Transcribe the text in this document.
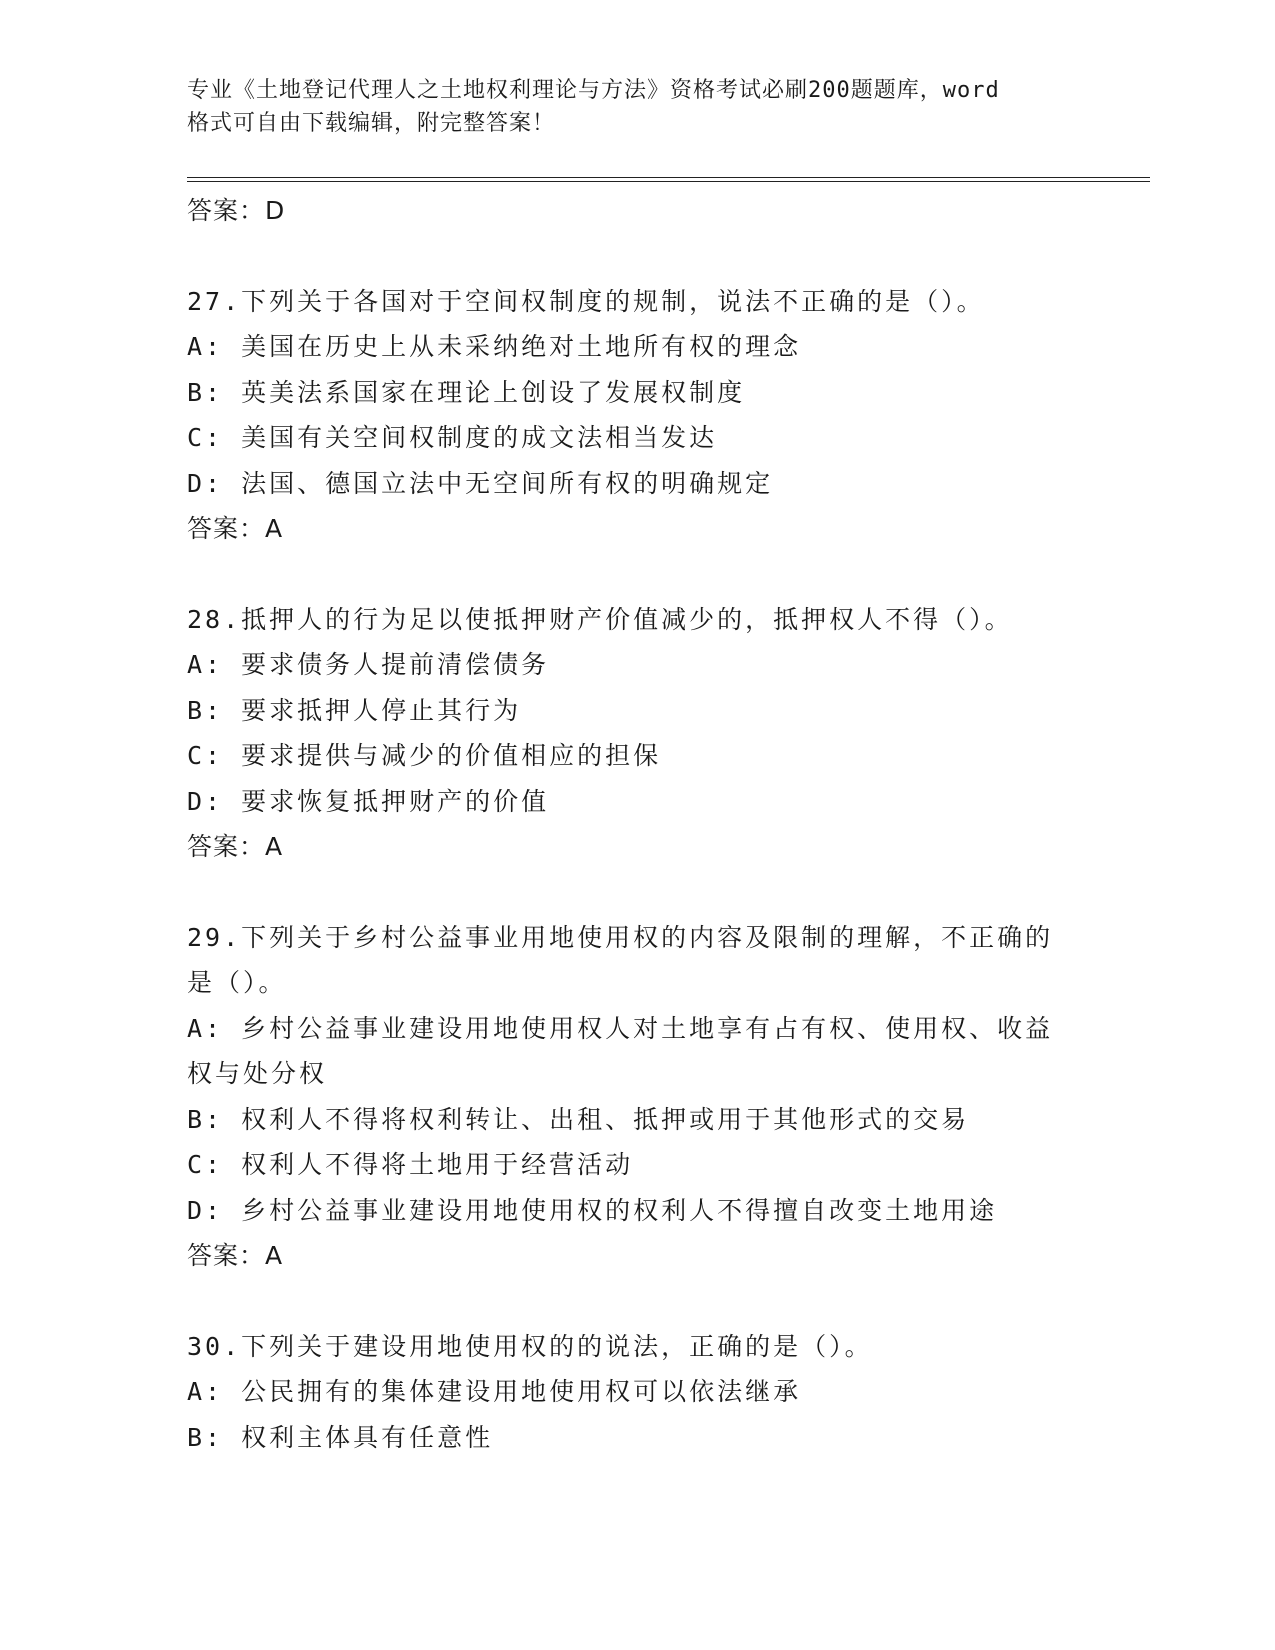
专业《土地登记代理人之土地权利理论与方法》资格考试必刷200题题库，word
格式可自由下载编辑，附完整答案！
答案：D
27.下列关于各国对于空间权制度的规制，说法不正确的是（）。
A: 美国在历史上从未采纳绝对土地所有权的理念
B: 英美法系国家在理论上创设了发展权制度
C: 美国有关空间权制度的成文法相当发达
D: 法国、德国立法中无空间所有权的明确规定
答案：A
28.抵押人的行为足以使抵押财产价值减少的，抵押权人不得（）。
A: 要求债务人提前清偿债务
B: 要求抵押人停止其行为
C: 要求提供与减少的价值相应的担保
D: 要求恢复抵押财产的价值
答案：A
29.下列关于乡村公益事业用地使用权的内容及限制的理解，不正确的
是（）。
A: 乡村公益事业建设用地使用权人对土地享有占有权、使用权、收益
权与处分权
B: 权利人不得将权利转让、出租、抵押或用于其他形式的交易
C: 权利人不得将土地用于经营活动
D: 乡村公益事业建设用地使用权的权利人不得擅自改变土地用途
答案：A
30.下列关于建设用地使用权的的说法，正确的是（）。
A: 公民拥有的集体建设用地使用权可以依法继承
B: 权利主体具有任意性
